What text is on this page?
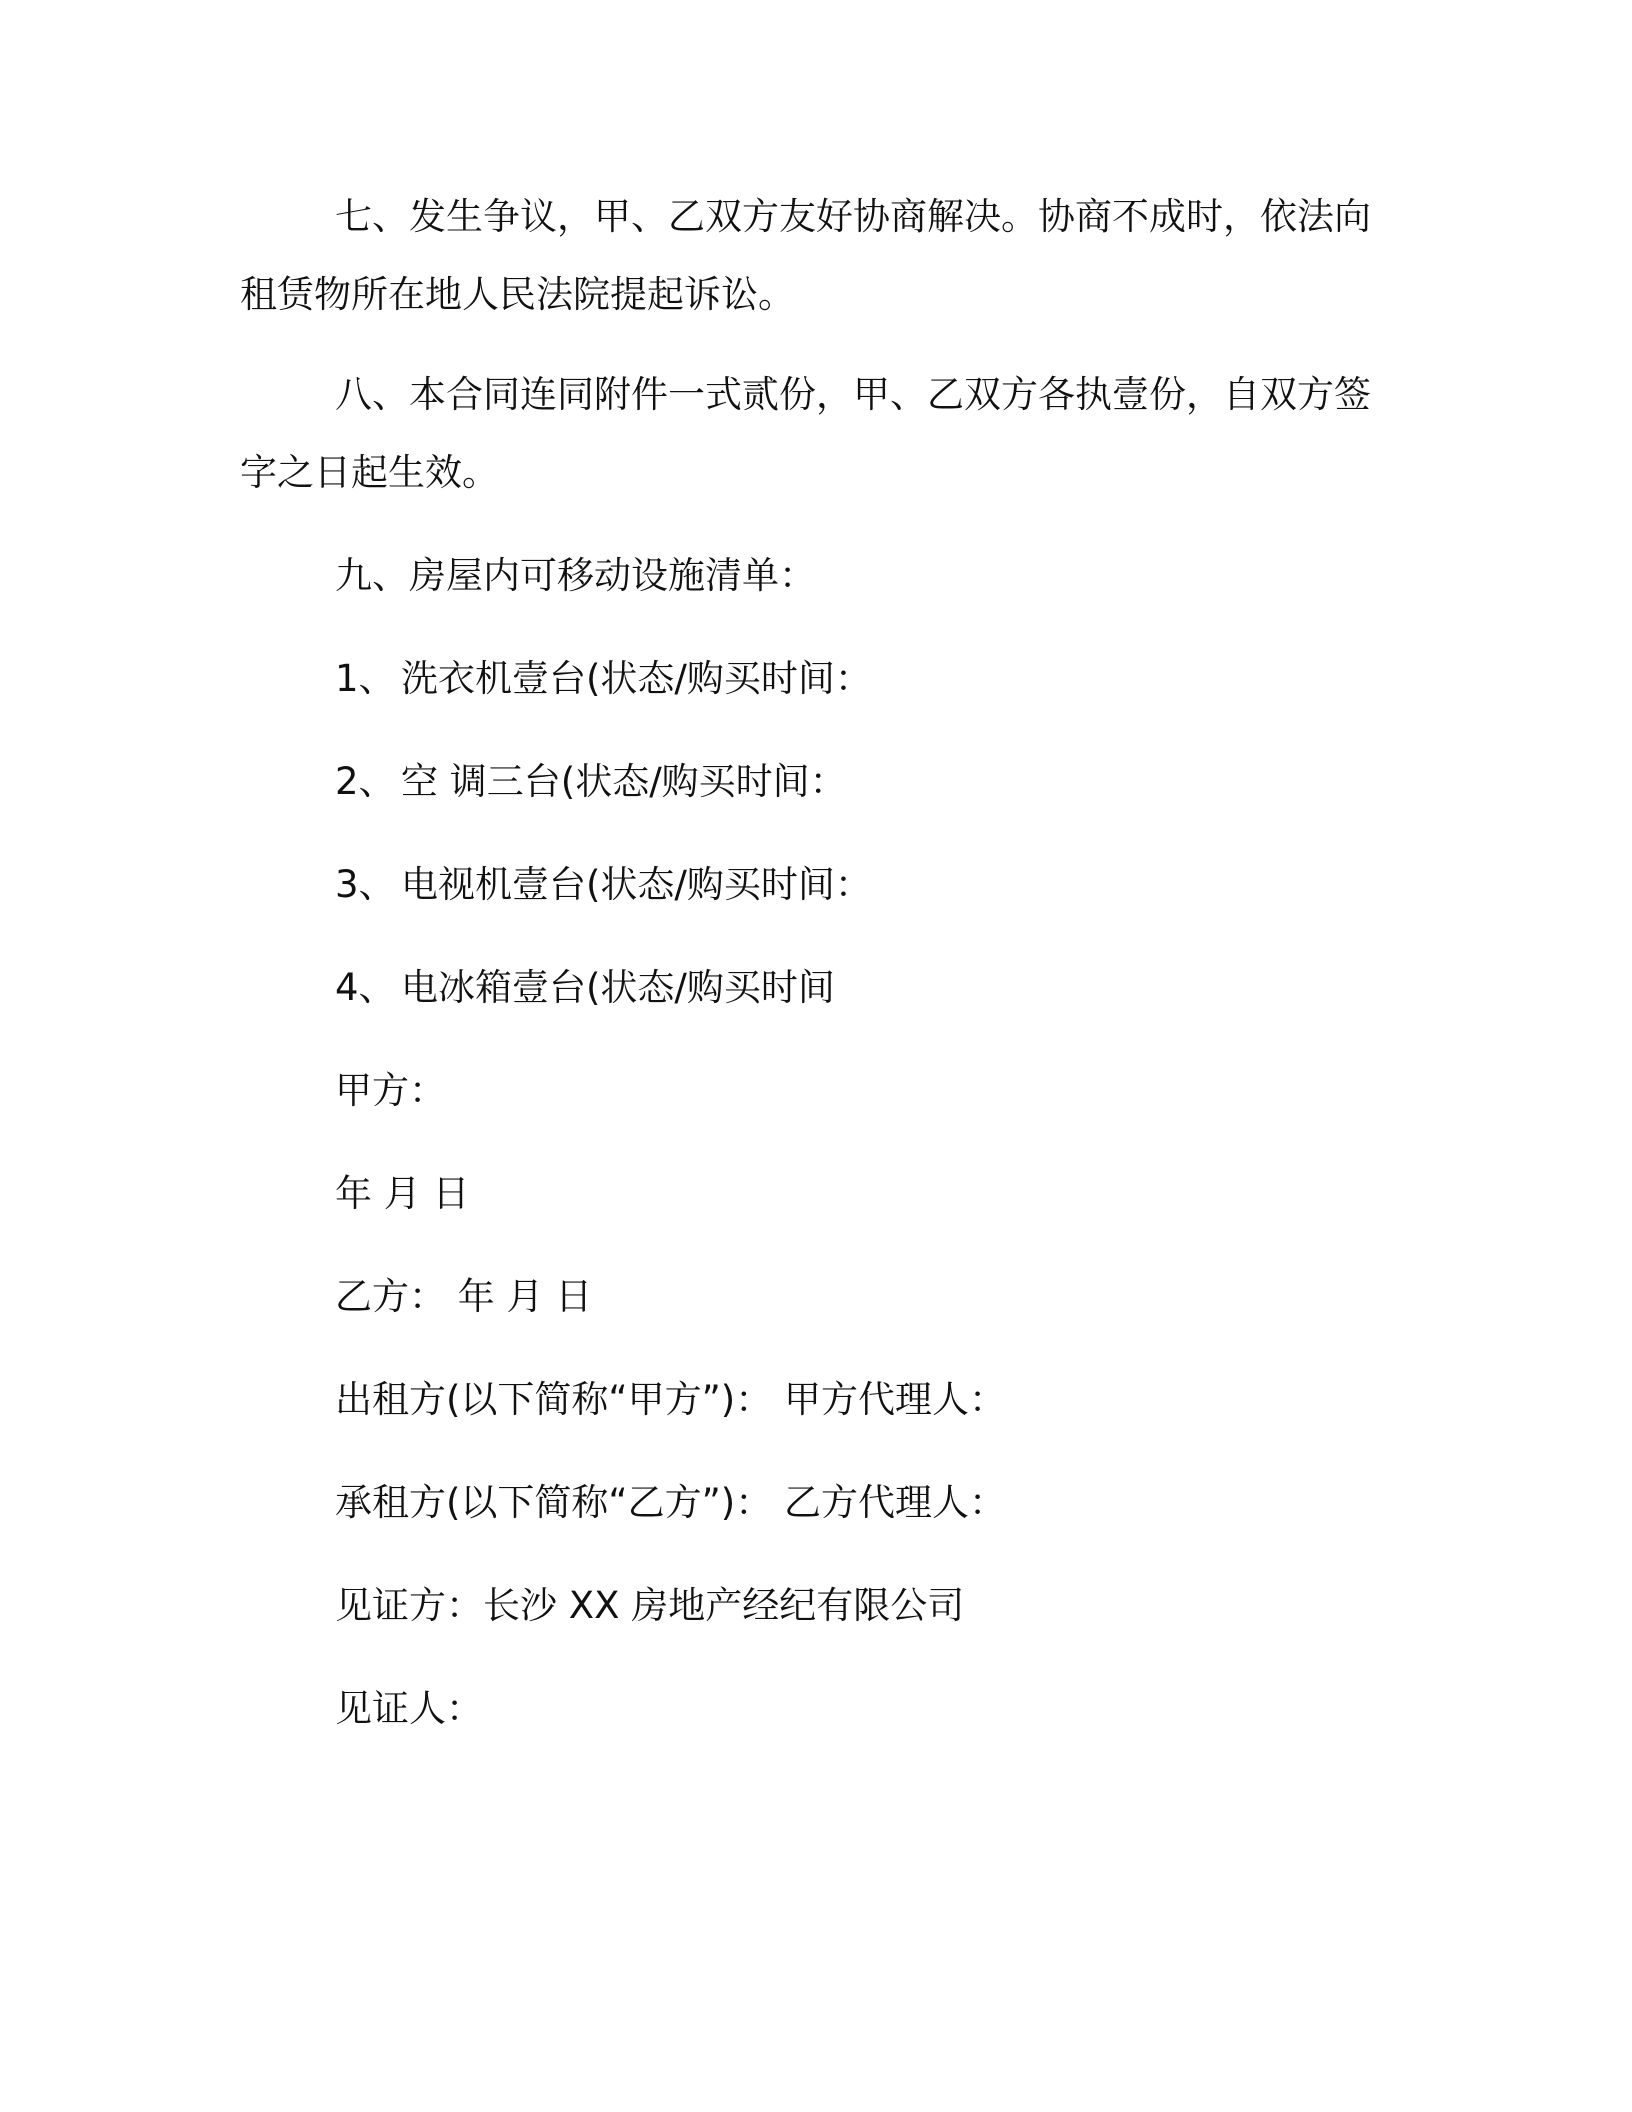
七、发生争议，甲、乙双方友好协商解决。协商不成时，依法向
租赁物所在地人民法院提起诉讼。

八、本合同连同附件一式贰份，甲、乙双方各执壹份，自双方签
字之日起生效。

九、房屋内可移动设施清单：

1、 洗衣机壹台(状态/购买时间：

2、 空 调三台(状态/购买时间：

3、 电视机壹台(状态/购买时间：

4、 电冰箱壹台(状态/购买时间

甲方：

年 月 日

乙方： 年 月 日

出租方(以下简称“甲方”)： 甲方代理人：

承租方(以下简称“乙方”)： 乙方代理人：

见证方：长沙 XX 房地产经纪有限公司

见证人：
